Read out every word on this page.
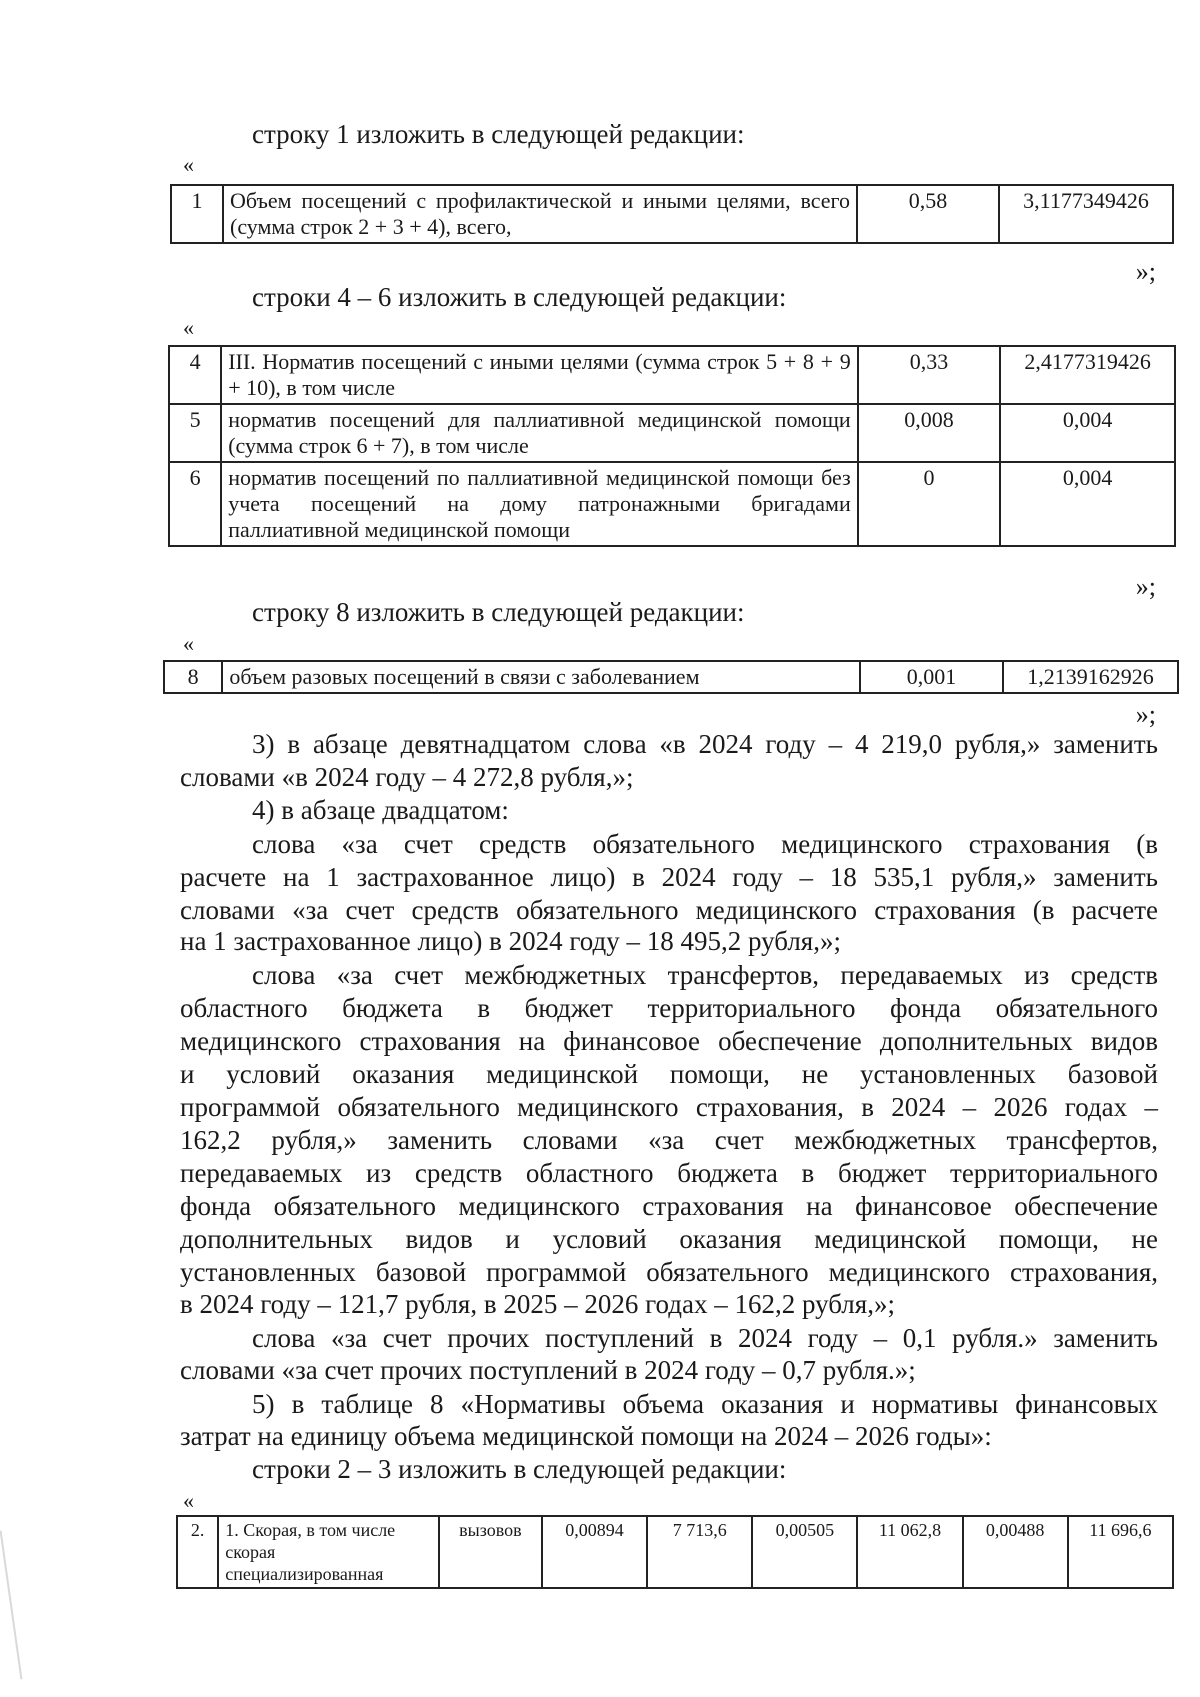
строку 1 изложить в следующей редакции:
«
1	Объем посещений с профилактической и иными целями, всего (сумма строк 2 + 3 + 4), всего,	0,58	3,1177349426
»;
строки 4 – 6 изложить в следующей редакции:
«
4	III. Норматив посещений с иными целями (сумма строк 5 + 8 + 9 + 10), в том числе	0,33	2,4177319426
5	норматив посещений для паллиативной медицинской помощи (сумма строк 6 + 7), в том числе	0,008	0,004
6	норматив посещений по паллиативной медицинской помощи без учета посещений на дому патронажными бригадами паллиативной медицинской помощи	0	0,004
»;
строку 8 изложить в следующей редакции:
«
8	объем разовых посещений в связи с заболеванием	0,001	1,2139162926
»;
3) в абзаце девятнадцатом слова «в 2024 году – 4 219,0 рубля,» заменить
словами «в 2024 году – 4 272,8 рубля,»;
4) в абзаце двадцатом:
слова «за счет средств обязательного медицинского страхования (в
расчете на 1 застрахованное лицо) в 2024 году – 18 535,1 рубля,» заменить
словами «за счет средств обязательного медицинского страхования (в расчете
на 1 застрахованное лицо) в 2024 году – 18 495,2 рубля,»;
слова «за счет межбюджетных трансфертов, передаваемых из средств
областного бюджета в бюджет территориального фонда обязательного
медицинского страхования на финансовое обеспечение дополнительных видов
и условий оказания медицинской помощи, не установленных базовой
программой обязательного медицинского страхования, в 2024 – 2026 годах –
162,2 рубля,» заменить словами «за счет межбюджетных трансфертов,
передаваемых из средств областного бюджета в бюджет территориального
фонда обязательного медицинского страхования на финансовое обеспечение
дополнительных видов и условий оказания медицинской помощи, не
установленных базовой программой обязательного медицинского страхования,
в 2024 году – 121,7 рубля, в 2025 – 2026 годах – 162,2 рубля,»;
слова «за счет прочих поступлений в 2024 году – 0,1 рубля.» заменить
словами «за счет прочих поступлений в 2024 году – 0,7 рубля.»;
5) в таблице 8 «Нормативы объема оказания и нормативы финансовых
затрат на единицу объема медицинской помощи на 2024 – 2026 годы»:
строки 2 – 3 изложить в следующей редакции:
«
2.	1. Скорая, в том числе скорая специализированная	вызовов	0,00894	7 713,6	0,00505	11 062,8	0,00488	11 696,6
